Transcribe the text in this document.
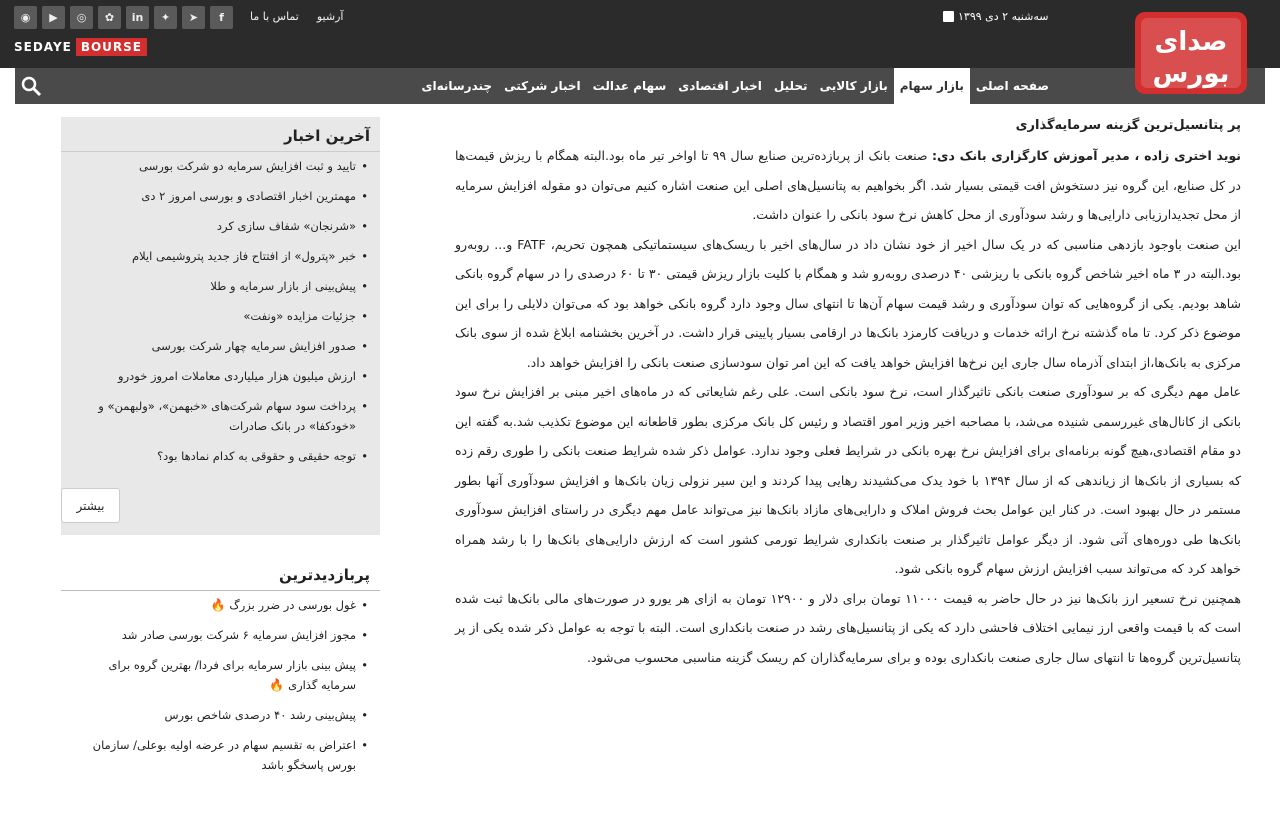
◉	▶	◎	✿	in	✦	➤	f	آرشیو
تماس با ما
SEDAYE BOURSE
سه‌شنبه ۲ دی ۱۳۹۹
صدای
بورس
صفحه اصلی
بازار سهام
بازار کالایی
تحلیل
اخبار اقتصادی
سهام عدالت
اخبار شرکتی
چندرسانه‌ای
پر پتانسیل‌ترین گزینه سرمایه‌گذاری

نوید اختری زاده ، مدیر آموزش کارگزاری بانک دی: صنعت بانک از پربازده‌ترین صنایع سال ۹۹ تا اواخر تیر ماه بود.البته همگام با ریزش قیمت‌ها در کل صنایع، این گروه نیز دستخوش افت قیمتی بسیار شد. اگر بخواهیم به پتانسیل‌های اصلی این صنعت اشاره کنیم می‌توان دو مقوله افزایش سرمایه از محل تجدیدارزیابی دارایی‌ها و رشد سودآوری از محل کاهش نرخ سود بانکی را عنوان داشت.

این صنعت باوجود بازدهی مناسبی که در یک سال اخیر از خود نشان داد در سال‌های اخیر با ریسک‌های سیستماتیکی همچون تحریم، FATF و... روبه‌رو بود.البته در ۳ ماه اخیر شاخص گروه بانکی با ریزشی ۴۰ درصدی روبه‌رو شد و همگام با کلیت بازار ریزش قیمتی ۳۰ تا ۶۰ درصدی را در سهام گروه بانکی شاهد بودیم. یکی از گروه‌هایی که توان سودآوری و رشد قیمت سهام آن‌ها تا انتهای سال وجود دارد گروه بانکی خواهد بود که می‌توان دلایلی را برای این موضوع ذکر کرد. تا ماه گذشته نرخ ارائه خدمات و دریافت کارمزد بانک‌ها در ارقامی بسیار پایینی قرار داشت. در آخرین بخشنامه ابلاغ شده از سوی بانک مرکزی به بانک‌ها،از ابتدای آذرماه سال جاری این نرخ‌ها افزایش خواهد یافت که این امر توان سودسازی صنعت بانکی را افزایش خواهد داد.

عامل مهم دیگری که بر سودآوری صنعت بانکی تاثیرگذار است، نرخ سود بانکی است. علی رغم شایعاتی که در ماه‌های اخیر مبنی بر افزایش نرخ سود بانکی از کانال‌های غیررسمی شنیده می‌شد، با مصاحبه اخیر وزیر امور اقتصاد و رئیس کل بانک مرکزی بطور قاطعانه این موضوع تکذیب شد.به گفته این دو مقام اقتصادی،هیچ گونه برنامه‌ای برای افزایش نرخ بهره بانکی در شرایط فعلی وجود ندارد. عوامل ذکر شده شرایط صنعت بانکی را طوری رقم زده که بسیاری از بانک‌ها از زیاندهی که از سال ۱۳۹۴ با خود یدک می‌کشیدند رهایی پیدا کردند و این سیر نزولی زیان بانک‌ها و افزایش سودآوری آنها بطور مستمر در حال بهبود است. در کنار این عوامل بحث فروش املاک و دارایی‌های مازاد بانک‌ها نیز می‌تواند عامل مهم دیگری در راستای افزایش سودآوری بانک‌ها طی دوره‌های آتی شود. از دیگر عوامل تاثیرگذار بر صنعت بانکداری شرایط تورمی کشور است که ارزش دارایی‌های بانک‌ها را با رشد همراه خواهد کرد که می‌تواند سبب افزایش ارزش سهام گروه بانکی شود.

همچنین نرخ تسعیر ارز بانک‌ها نیز در حال حاضر به قیمت ۱۱۰۰۰ تومان برای دلار و ۱۲۹۰۰ تومان به ازای هر یورو در صورت‌های مالی بانک‌ها ثبت شده است که با قیمت واقعی ارز نیمایی اختلاف فاحشی دارد که یکی از پتانسیل‌های رشد در صنعت بانکداری است. البته با توجه به عوامل ذکر شده یکی از پر پتانسیل‌ترین گروه‌ها تا انتهای سال جاری صنعت بانکداری بوده و برای سرمایه‌گذاران کم ریسک گزینه مناسبی محسوب می‌شود.

آخرین اخبار
• تایید و ثبت افزایش سرمایه دو شرکت بورسی
• مهمترین اخبار اقتصادی و بورسی امروز ۲ دی
• «شرنجان» شفاف سازی کرد
• خبر «پترول» از افتتاح فاز جدید پتروشیمی ایلام
• پیش‌بینی از بازار سرمایه و طلا
• جزئیات مزایده «ونفت»
• صدور افزایش سرمایه چهار شرکت بورسی
• ارزش میلیون هزار میلیاردی معاملات امروز خودرو
• پرداخت سود سهام شرکت‌های «خبهمن»، «ولبهمن» و «خودکفا» در بانک صادرات
• توجه حقیقی و حقوقی به کدام نمادها بود؟
بیشتر
پربازدیدترین
• غول بورسی در ضرر بزرگ🔥
• مجوز افزایش سرمایه ۶ شرکت بورسی صادر شد
• پیش بینی بازار سرمایه برای فردا/ بهترین گروه برای سرمایه گذاری🔥
• پیش‌بینی رشد ۴۰ درصدی شاخص بورس
• اعتراض به تقسیم سهام در عرضه اولیه بوعلی/ سازمان بورس پاسخگو باشد
